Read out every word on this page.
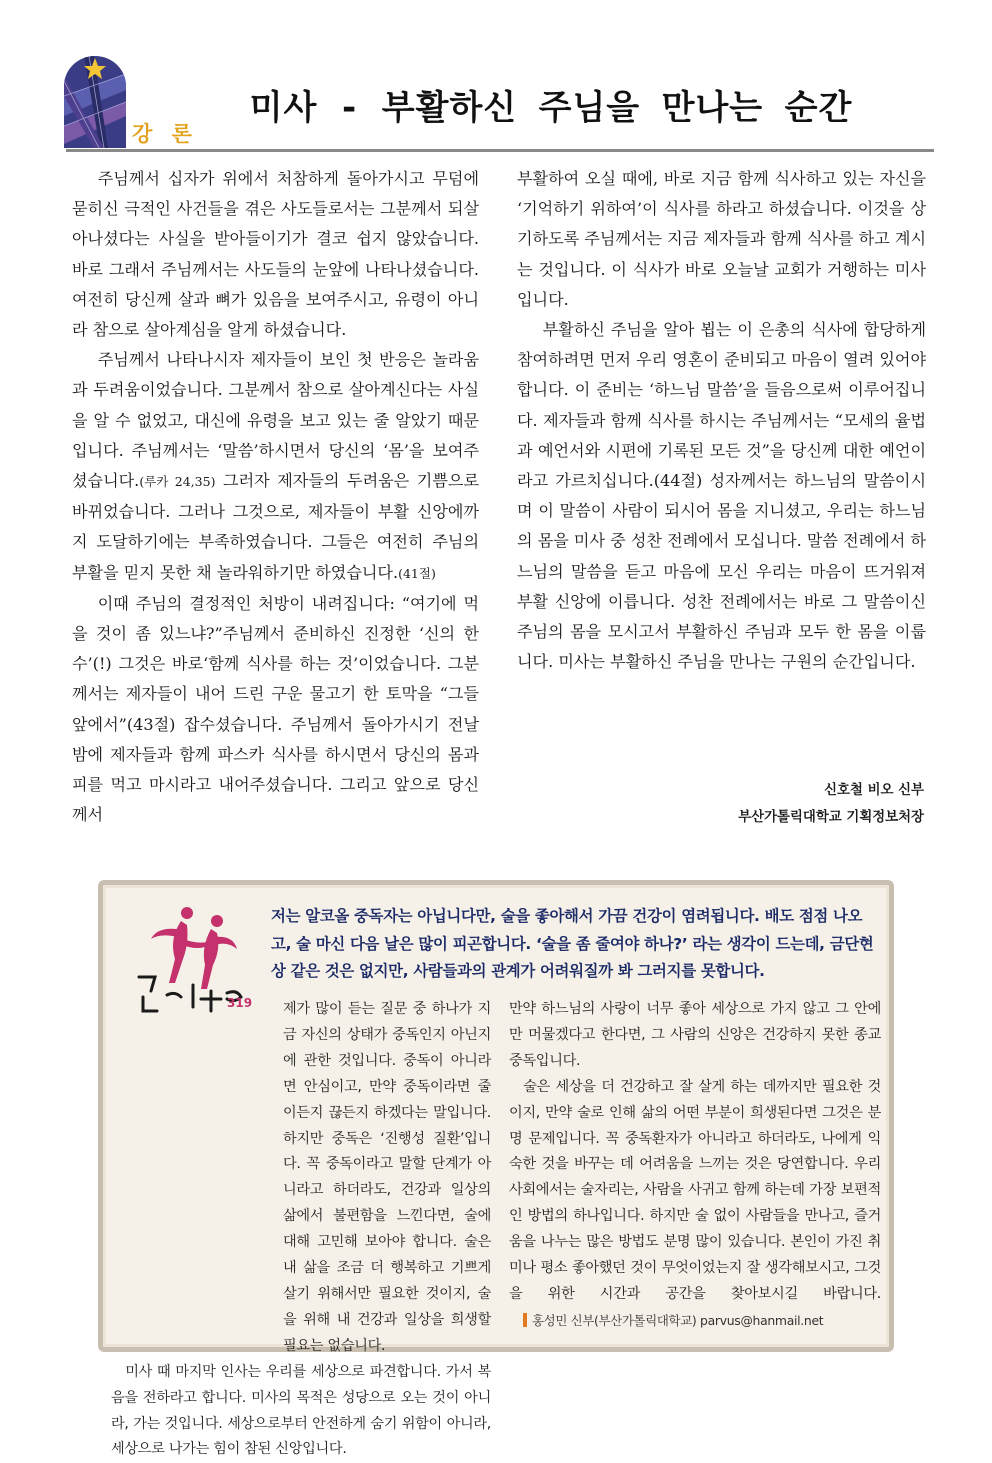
강 론
미사 - 부활하신 주님을 만나는 순간

주님께서 십자가 위에서 처참하게 돌아가시고 무덤에 묻히신 극적인 사건들을 겪은 사도들로서는 그분께서 되살아나셨다는 사실을 받아들이기가 결코 쉽지 않았습니다. 바로 그래서 주님께서는 사도들의 눈앞에 나타나셨습니다. 여전히 당신께 살과 뼈가 있음을 보여주시고, 유령이 아니라 참으로 살아계심을 알게 하셨습니다.

주님께서 나타나시자 제자들이 보인 첫 반응은 놀라움과 두려움이었습니다. 그분께서 참으로 살아계신다는 사실을 알 수 없었고, 대신에 유령을 보고 있는 줄 알았기 때문입니다. 주님께서는 ‘말씀’하시면서 당신의 ‘몸’을 보여주셨습니다.(루카 24,35) 그러자 제자들의 두려움은 기쁨으로 바뀌었습니다. 그러나 그것으로, 제자들이 부활 신앙에까지 도달하기에는 부족하였습니다. 그들은 여전히 주님의 부활을 믿지 못한 채 놀라워하기만 하였습니다.(41절)

이때 주님의 결정적인 처방이 내려집니다: “여기에 먹을 것이 좀 있느냐?”주님께서 준비하신 진정한 ‘신의 한수’(!) 그것은 바로‘함께 식사를 하는 것’이었습니다. 그분께서는 제자들이 내어 드린 구운 물고기 한 토막을 “그들 앞에서”(43절) 잡수셨습니다. 주님께서 돌아가시기 전날 밤에 제자들과 함께 파스카 식사를 하시면서 당신의 몸과 피를 먹고 마시라고 내어주셨습니다. 그리고 앞으로 당신께서

부활하여 오실 때에, 바로 지금 함께 식사하고 있는 자신을 ‘기억하기 위하여’이 식사를 하라고 하셨습니다. 이것을 상기하도록 주님께서는 지금 제자들과 함께 식사를 하고 계시는 것입니다. 이 식사가 바로 오늘날 교회가 거행하는 미사입니다.

부활하신 주님을 알아 뵙는 이 은총의 식사에 합당하게 참여하려면 먼저 우리 영혼이 준비되고 마음이 열려 있어야 합니다. 이 준비는 ‘하느님 말씀’을 들음으로써 이루어집니다. 제자들과 함께 식사를 하시는 주님께서는 “모세의 율법과 예언서와 시편에 기록된 모든 것”을 당신께 대한 예언이라고 가르치십니다.(44절) 성자께서는 하느님의 말씀이시며 이 말씀이 사람이 되시어 몸을 지니셨고, 우리는 하느님의 몸을 미사 중 성찬 전례에서 모십니다. 말씀 전례에서 하느님의 말씀을 듣고 마음에 모신 우리는 마음이 뜨거워져 부활 신앙에 이릅니다. 성찬 전례에서는 바로 그 말씀이신 주님의 몸을 모시고서 부활하신 주님과 모두 한 몸을 이룹니다. 미사는 부활하신 주님을 만나는 구원의 순간입니다.

신호철 비오 신부
부산가톨릭대학교 기획정보처장
319

저는 알코올 중독자는 아닙니다만, 술을 좋아해서 가끔 건강이 염려됩니다. 배도 점점 나오고, 술 마신 다음 날은 많이 피곤합니다. ‘술을 좀 줄여야 하나?’ 라는 생각이 드는데, 금단현상 같은 것은 없지만, 사람들과의 관계가 어려워질까 봐 그러지를 못합니다.

제가 많이 듣는 질문 중 하나가 지금 자신의 상태가 중독인지 아닌지에 관한 것입니다. 중독이 아니라면 안심이고, 만약 중독이라면 줄이든지 끊든지 하겠다는 말입니다. 하지만 중독은 ‘진행성 질환’입니다. 꼭 중독이라고 말할 단계가 아니라고 하더라도, 건강과 일상의 삶에서 불편함을 느낀다면, 술에 대해 고민해 보아야 합니다. 술은 내 삶을 조금 더 행복하고 기쁘게 살기 위해서만 필요한 것이지, 술을 위해 내 건강과 일상을 희생할 필요는 없습니다.

미사 때 마지막 인사는 우리를 세상으로 파견합니다. 가서 복음을 전하라고 합니다. 미사의 목적은 성당으로 오는 것이 아니라, 가는 것입니다. 세상으로부터 안전하게 숨기 위함이 아니라, 세상으로 나가는 힘이 참된 신앙입니다.

만약 하느님의 사랑이 너무 좋아 세상으로 가지 않고 그 안에만 머물겠다고 한다면, 그 사람의 신앙은 건강하지 못한 종교 중독입니다.

술은 세상을 더 건강하고 잘 살게 하는 데까지만 필요한 것이지, 만약 술로 인해 삶의 어떤 부분이 희생된다면 그것은 분명 문제입니다. 꼭 중독환자가 아니라고 하더라도, 나에게 익숙한 것을 바꾸는 데 어려움을 느끼는 것은 당연합니다. 우리 사회에서는 술자리는, 사람을 사귀고 함께 하는데 가장 보편적인 방법의 하나입니다. 하지만 술 없이 사람들을 만나고, 즐거움을 나누는 많은 방법도 분명 많이 있습니다. 본인이 가진 취미나 평소 좋아했던 것이 무엇이었는지 잘 생각해보시고, 그것을 위한 시간과 공간을 찾아보시길 바랍니다.홍성민 신부(부산가톨릭대학교) parvus@hanmail.net
